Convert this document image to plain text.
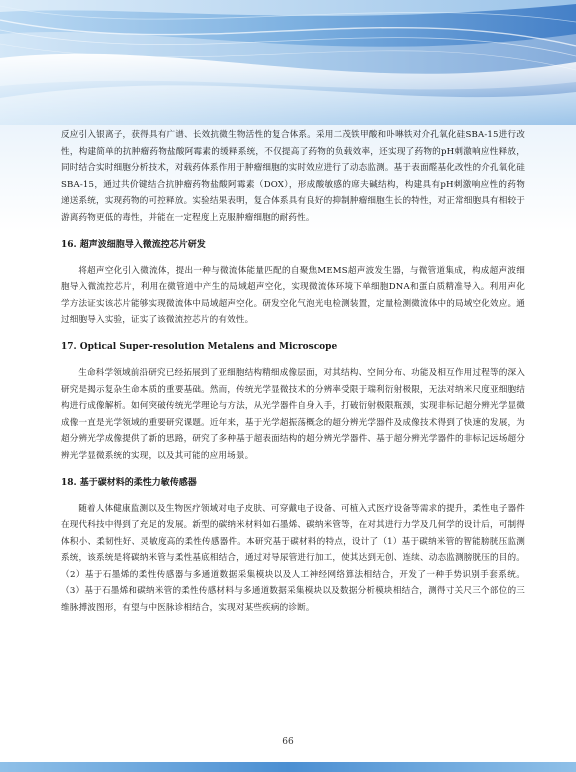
反应引入银离子，获得具有广谱、长效抗微生物活性的复合体系。采用二茂铁甲酸和卟啉铁对介孔氧化硅SBA-15进行改性，构建简单的抗肿瘤药物盐酸阿霉素的缓释系统，不仅提高了药物的负载效率，还实现了药物的pH刺激响应性释放，同时结合实时细胞分析技术，对载药体系作用于肿瘤细胞的实时效应进行了动态监测。基于表面醛基化改性的介孔氧化硅SBA-15，通过共价键结合抗肿瘤药物盐酸阿霉素（DOX），形成酸敏感的席夫碱结构，构建具有pH刺激响应性的药物递送系统，实现药物的可控释放。实验结果表明，复合体系具有良好的抑制肿瘤细胞生长的特性，对正常细胞具有相较于游离药物更低的毒性，并能在一定程度上克服肿瘤细胞的耐药性。

16. 超声波细胞导入微流控芯片研发

将超声空化引入微流体，提出一种与微流体能量匹配的自聚焦MEMS超声波发生器，与微管道集成，构成超声波细胞导入微流控芯片，利用在微管道中产生的局域超声空化，实现微流体环境下单细胞DNA和蛋白质精准导入。利用声化学方法证实该芯片能够实现微流体中局域超声空化。研发空化气泡光电检测装置，定量检测微流体中的局域空化效应。通过细胞导入实验，证实了该微流控芯片的有效性。

17. Optical Super-resolution Metalens and Microscope

生命科学领域前沿研究已经拓展到了亚细胞结构精细成像层面，对其结构、空间分布、功能及相互作用过程等的深入研究是揭示复杂生命本质的重要基础。然而，传统光学显微技术的分辨率受限于瑞利衍射极限，无法对纳米尺度亚细胞结构进行成像解析。如何突破传统光学理论与方法，从光学器件自身入手，打破衍射极限瓶颈，实现非标记超分辨光学显微成像一直是光学领域的重要研究课题。近年来，基于光学超振荡概念的超分辨光学器件及成像技术得到了快速的发展，为超分辨光学成像提供了新的思路，研究了多种基于超表面结构的超分辨光学器件、基于超分辨光学器件的非标记远场超分辨光学显微系统的实现，以及其可能的应用场景。

18. 基于碳材料的柔性力敏传感器

随着人体健康监测以及生物医疗领域对电子皮肤、可穿戴电子设备、可植入式医疗设备等需求的提升，柔性电子器件在现代科技中得到了充足的发展。新型的碳纳米材料如石墨烯、碳纳米管等，在对其进行力学及几何学的设计后，可制得体积小、柔韧性好、灵敏度高的柔性传感器件。本研究基于碳材料的特点，设计了（1）基于碳纳米管的智能膀胱压监测系统，该系统是将碳纳米管与柔性基底相结合，通过对导尿管进行加工，使其达到无创、连续、动态监测膀胱压的目的。（2）基于石墨烯的柔性传感器与多通道数据采集模块以及人工神经网络算法相结合，开发了一种手势识别手套系统。（3）基于石墨烯和碳纳米管的柔性传感材料与多通道数据采集模块以及数据分析模块相结合，测得寸关尺三个部位的三维脉搏波图形，有望与中医脉诊相结合，实现对某些疾病的诊断。

66
